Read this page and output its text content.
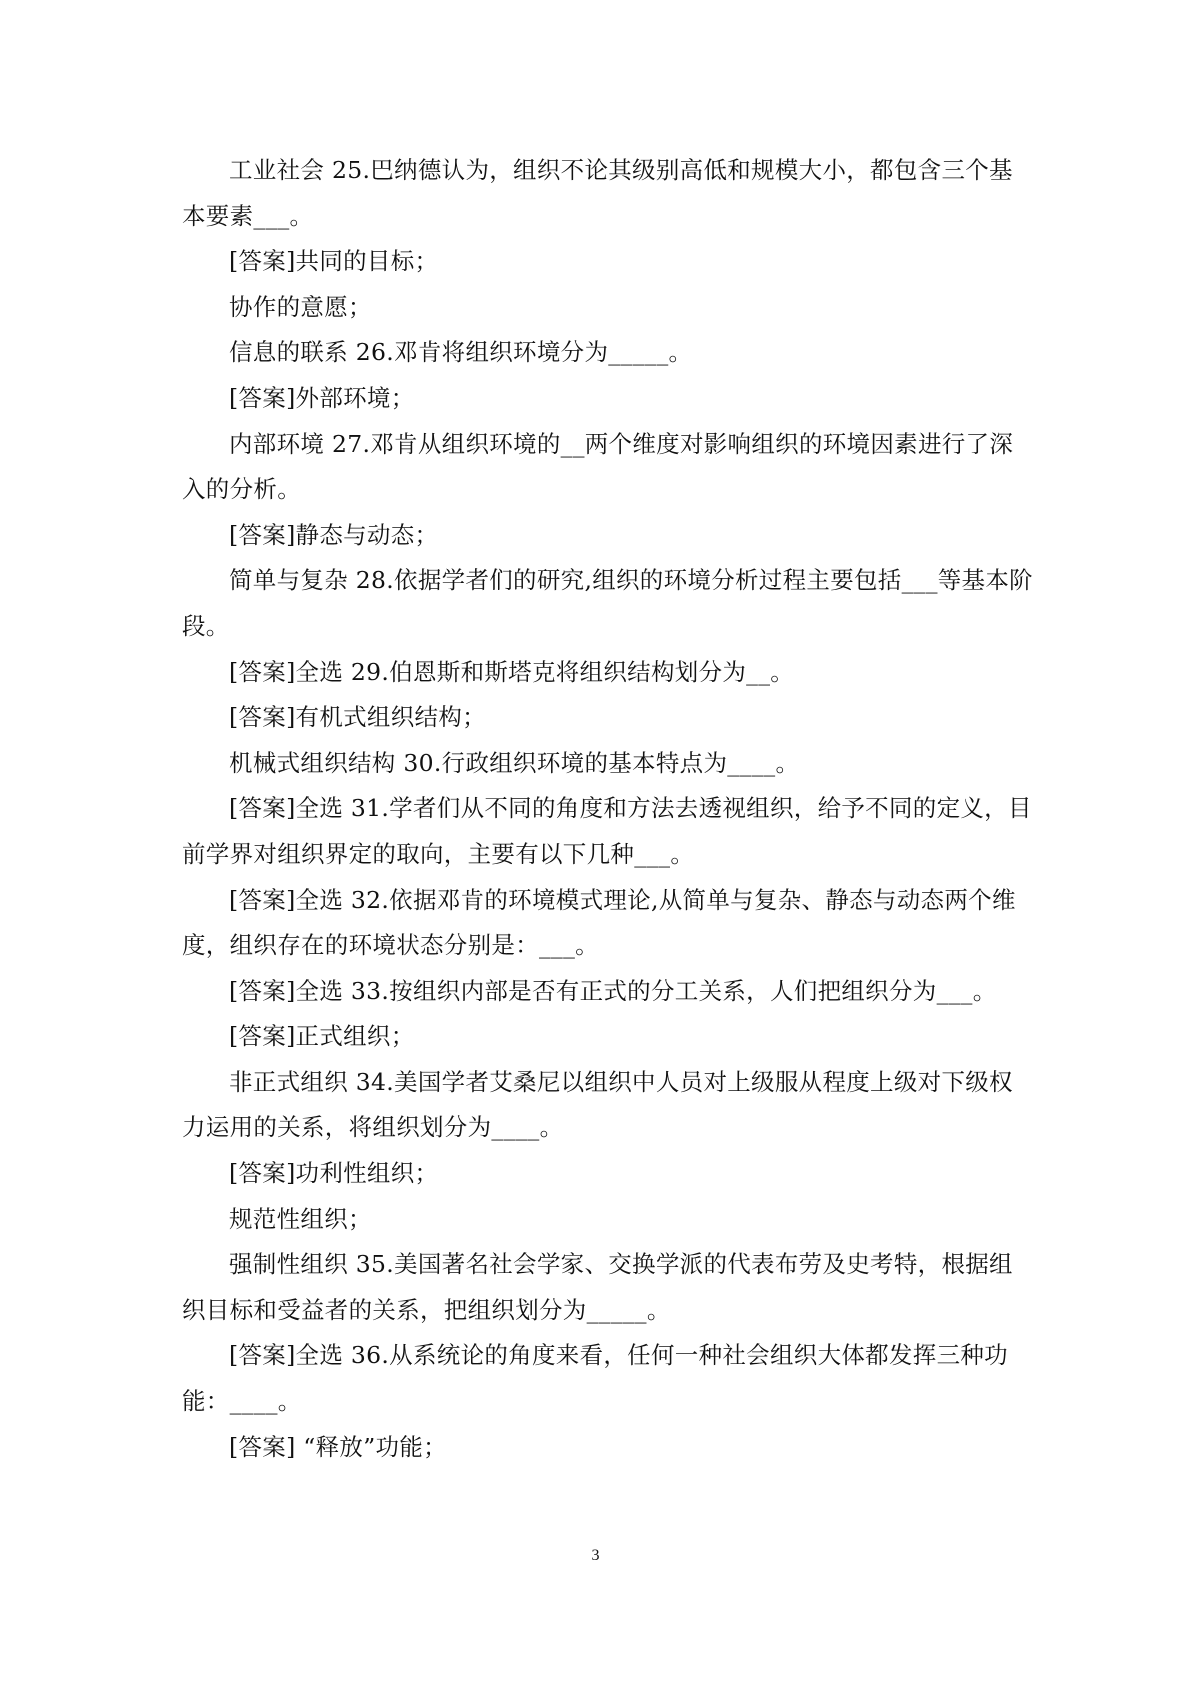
工业社会 25.巴纳德认为，组织不论其级别高低和规模大小，都包含三个基本要素___。

[答案]共同的目标；

协作的意愿；

信息的联系 26.邓肯将组织环境分为_____。

[答案]外部环境；

内部环境 27.邓肯从组织环境的__两个维度对影响组织的环境因素进行了深入的分析。

[答案]静态与动态；

简单与复杂 28.依据学者们的研究,组织的环境分析过程主要包括___等基本阶段。

[答案]全选 29.伯恩斯和斯塔克将组织结构划分为__。

[答案]有机式组织结构；

机械式组织结构 30.行政组织环境的基本特点为____。

[答案]全选 31.学者们从不同的角度和方法去透视组织，给予不同的定义，目前学界对组织界定的取向，主要有以下几种___。

[答案]全选 32.依据邓肯的环境模式理论,从简单与复杂、静态与动态两个维度，组织存在的环境状态分别是：___。

[答案]全选 33.按组织内部是否有正式的分工关系，人们把组织分为___。

[答案]正式组织；

非正式组织 34.美国学者艾桑尼以组织中人员对上级服从程度上级对下级权力运用的关系，将组织划分为____。

[答案]功利性组织；

规范性组织；

强制性组织 35.美国著名社会学家、交换学派的代表布劳及史考特，根据组织目标和受益者的关系，把组织划分为_____。

[答案]全选 36.从系统论的角度来看，任何一种社会组织大体都发挥三种功能：____。

[答案] “释放”功能；

3
